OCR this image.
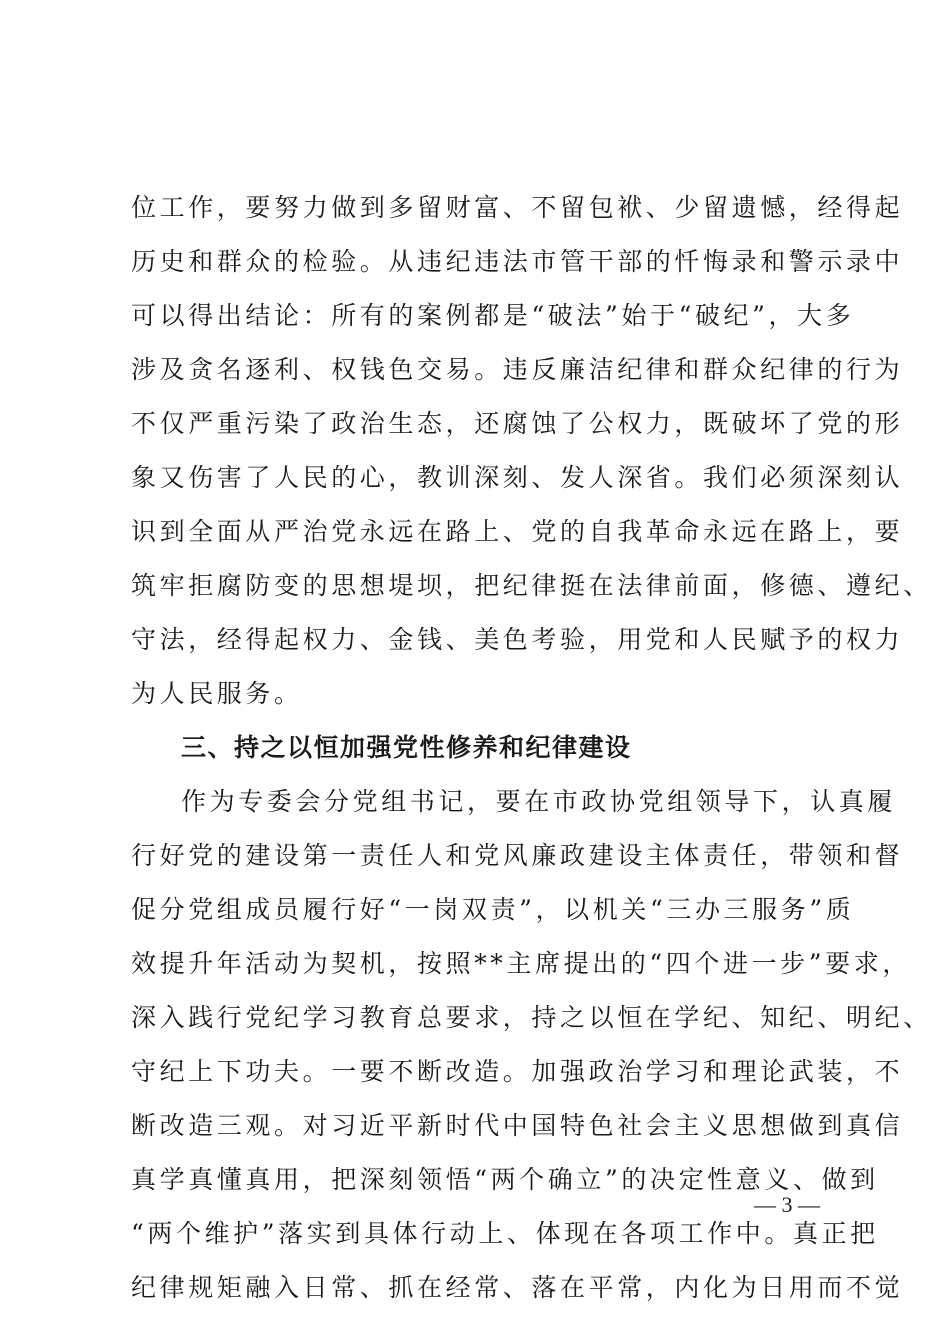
位工作，要努力做到多留财富、不留包袱、少留遗憾，经得起
历史和群众的检验。从违纪违法市管干部的忏悔录和警示录中
可以得出结论：所有的案例都是“破法”始于“破纪”，大多
涉及贪名逐利、权钱色交易。违反廉洁纪律和群众纪律的行为
不仅严重污染了政治生态，还腐蚀了公权力，既破坏了党的形
象又伤害了人民的心，教训深刻、发人深省。我们必须深刻认
识到全面从严治党永远在路上、党的自我革命永远在路上，要
筑牢拒腐防变的思想堤坝，把纪律挺在法律前面，修德、遵纪、
守法，经得起权力、金钱、美色考验，用党和人民赋予的权力
为人民服务。
三、持之以恒加强党性修养和纪律建设
作为专委会分党组书记，要在市政协党组领导下，认真履
行好党的建设第一责任人和党风廉政建设主体责任，带领和督
促分党组成员履行好“一岗双责”，以机关“三办三服务”质
效提升年活动为契机，按照**主席提出的“四个进一步”要求，
深入践行党纪学习教育总要求，持之以恒在学纪、知纪、明纪、
守纪上下功夫。一要不断改造。加强政治学习和理论武装，不
断改造三观。对习近平新时代中国特色社会主义思想做到真信
真学真懂真用，把深刻领悟“两个确立”的决定性意义、做到
“两个维护”落实到具体行动上、体现在各项工作中。真正把
纪律规矩融入日常、抓在经常、落在平常，内化为日用而不觉
— 3 —
